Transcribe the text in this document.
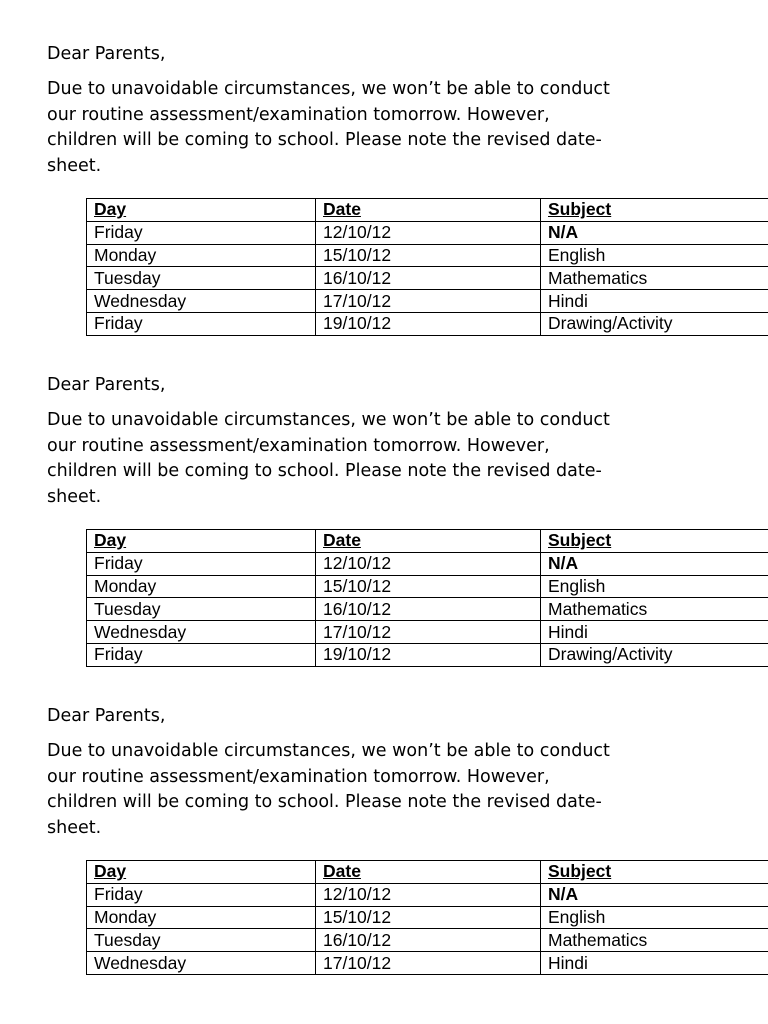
Dear Parents,

Due to unavoidable circumstances, we won’t be able to conduct
our routine assessment/examination tomorrow. However,
children will be coming to school. Please note the revised date-
sheet.

Day	Date	Subject
Friday	12/10/12	N/A
Monday	15/10/12	English
Tuesday	16/10/12	Mathematics
Wednesday	17/10/12	Hindi
Friday	19/10/12	Drawing/Activity

Dear Parents,

Due to unavoidable circumstances, we won’t be able to conduct
our routine assessment/examination tomorrow. However,
children will be coming to school. Please note the revised date-
sheet.

Day	Date	Subject
Friday	12/10/12	N/A
Monday	15/10/12	English
Tuesday	16/10/12	Mathematics
Wednesday	17/10/12	Hindi
Friday	19/10/12	Drawing/Activity

Dear Parents,

Due to unavoidable circumstances, we won’t be able to conduct
our routine assessment/examination tomorrow. However,
children will be coming to school. Please note the revised date-
sheet.

Day	Date	Subject
Friday	12/10/12	N/A
Monday	15/10/12	English
Tuesday	16/10/12	Mathematics
Wednesday	17/10/12	Hindi
